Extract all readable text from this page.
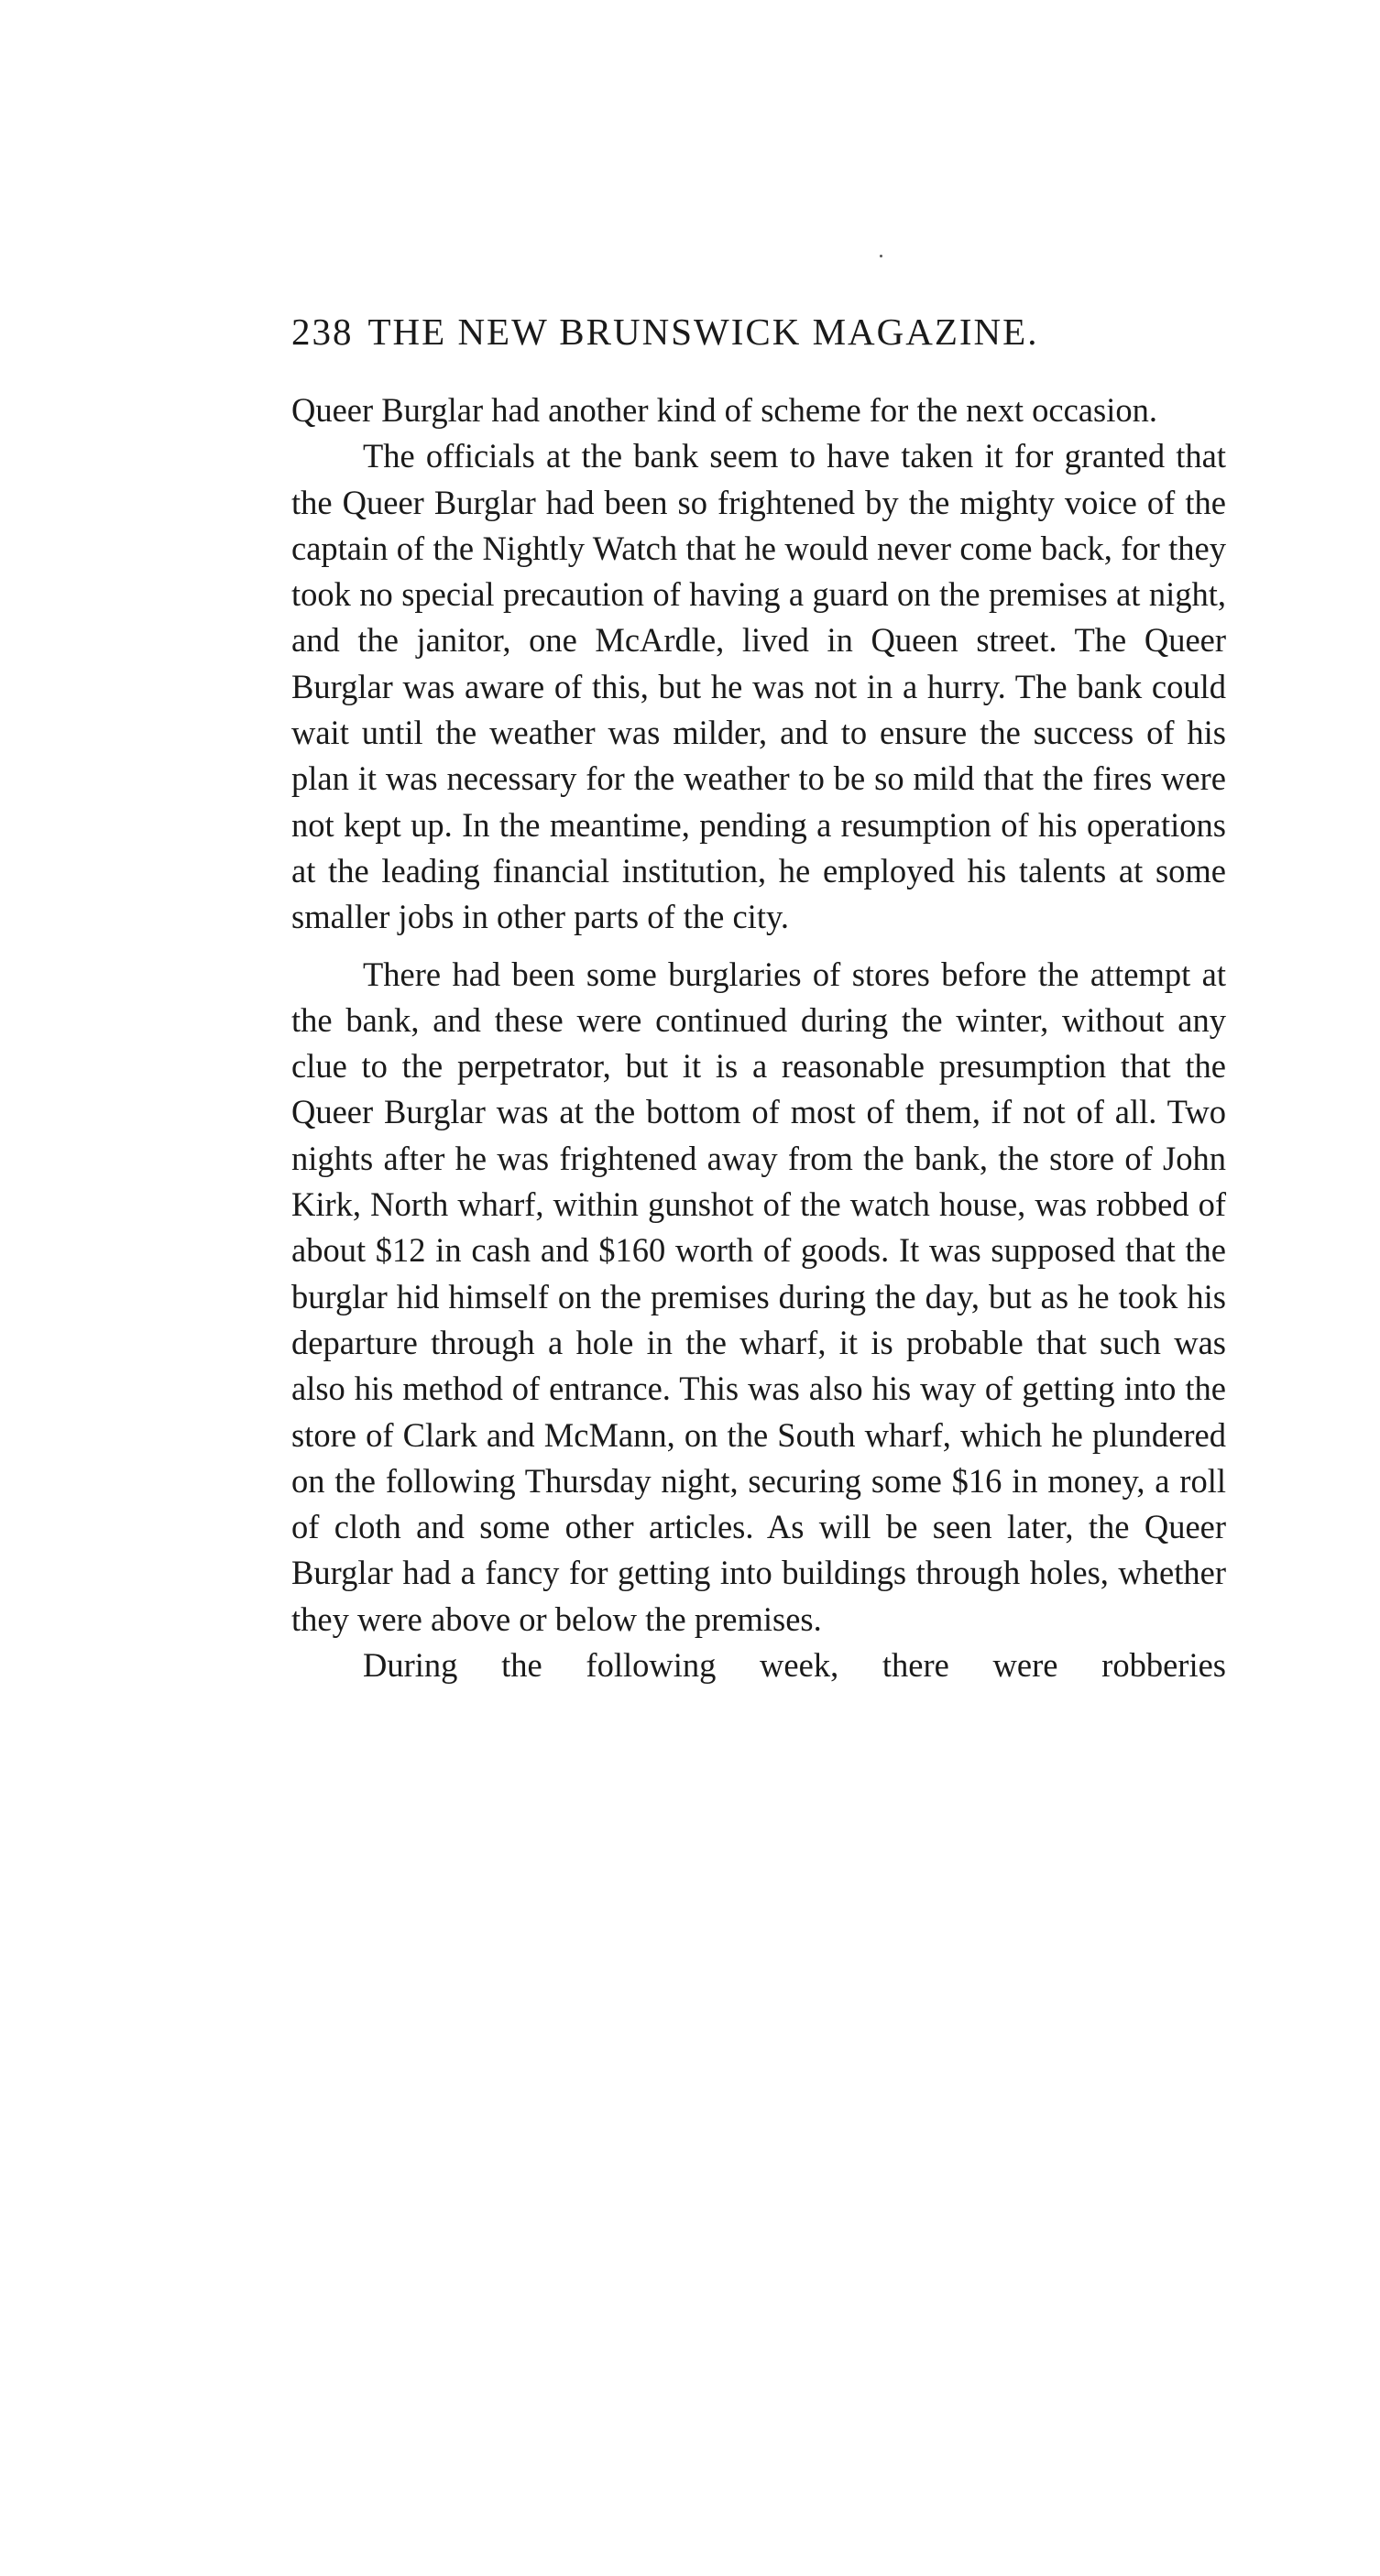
238 THE NEW BRUNSWICK MAGAZINE.

Queer Burglar had another kind of scheme for the next occasion.

The officials at the bank seem to have taken it for granted that the Queer Burglar had been so frightened by the mighty voice of the captain of the Nightly Watch that he would never come back, for they took no special precaution of having a guard on the premises at night, and the janitor, one McArdle, lived in Queen street. The Queer Burglar was aware of this, but he was not in a hurry. The bank could wait until the weather was milder, and to ensure the success of his plan it was necessary for the weather to be so mild that the fires were not kept up. In the meantime, pending a resumption of his operations at the leading financial institution, he employed his talents at some smaller jobs in other parts of the city.

There had been some burglaries of stores before the attempt at the bank, and these were continued during the winter, without any clue to the perpetrator, but it is a reasonable presumption that the Queer Burglar was at the bottom of most of them, if not of all. Two nights after he was frightened away from the bank, the store of John Kirk, North wharf, within gunshot of the watch house, was robbed of about $12 in cash and $160 worth of goods. It was supposed that the burglar hid himself on the premises during the day, but as he took his departure through a hole in the wharf, it is probable that such was also his method of entrance. This was also his way of getting into the store of Clark and McMann, on the South wharf, which he plundered on the following Thursday night, securing some $16 in money, a roll of cloth and some other articles. As will be seen later, the Queer Burglar had a fancy for getting into buildings through holes, whether they were above or below the premises.

During the following week, there were robberies
